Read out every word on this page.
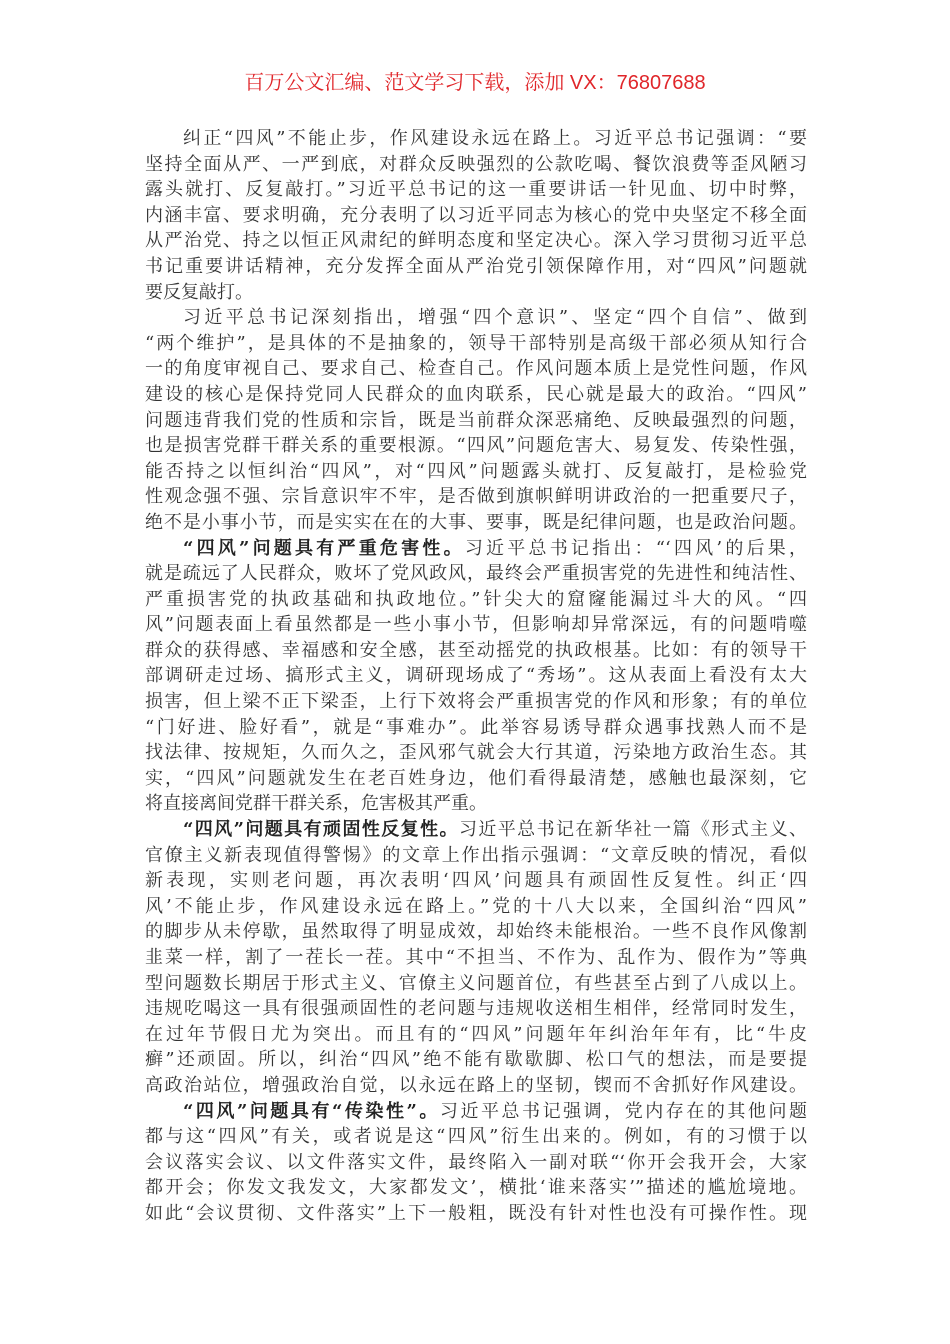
百万公文汇编、范文学习下载，添加 VX：76807688
纠正“四风”不能止步，作风建设永远在路上。习近平总书记强调：“要
坚持全面从严、一严到底，对群众反映强烈的公款吃喝、餐饮浪费等歪风陋习
露头就打、反复敲打。”习近平总书记的这一重要讲话一针见血、切中时弊，
内涵丰富、要求明确，充分表明了以习近平同志为核心的党中央坚定不移全面
从严治党、持之以恒正风肃纪的鲜明态度和坚定决心。深入学习贯彻习近平总
书记重要讲话精神，充分发挥全面从严治党引领保障作用，对“四风”问题就
要反复敲打。
习近平总书记深刻指出，增强“四个意识”、坚定“四个自信”、做到
“两个维护”，是具体的不是抽象的，领导干部特别是高级干部必须从知行合
一的角度审视自己、要求自己、检查自己。作风问题本质上是党性问题，作风
建设的核心是保持党同人民群众的血肉联系，民心就是最大的政治。“四风”
问题违背我们党的性质和宗旨，既是当前群众深恶痛绝、反映最强烈的问题，
也是损害党群干群关系的重要根源。“四风”问题危害大、易复发、传染性强，
能否持之以恒纠治“四风”，对“四风”问题露头就打、反复敲打，是检验党
性观念强不强、宗旨意识牢不牢，是否做到旗帜鲜明讲政治的一把重要尺子，
绝不是小事小节，而是实实在在的大事、要事，既是纪律问题，也是政治问题。
“四风”问题具有严重危害性。习近平总书记指出：“‘四风’的后果，
就是疏远了人民群众，败坏了党风政风，最终会严重损害党的先进性和纯洁性、
严重损害党的执政基础和执政地位。”针尖大的窟窿能漏过斗大的风。“四
风”问题表面上看虽然都是一些小事小节，但影响却异常深远，有的问题啃噬
群众的获得感、幸福感和安全感，甚至动摇党的执政根基。比如：有的领导干
部调研走过场、搞形式主义，调研现场成了“秀场”。这从表面上看没有太大
损害，但上梁不正下梁歪，上行下效将会严重损害党的作风和形象；有的单位
“门好进、脸好看”，就是“事难办”。此举容易诱导群众遇事找熟人而不是
找法律、按规矩，久而久之，歪风邪气就会大行其道，污染地方政治生态。其
实，“四风”问题就发生在老百姓身边，他们看得最清楚，感触也最深刻，它
将直接离间党群干群关系，危害极其严重。
“四风”问题具有顽固性反复性。习近平总书记在新华社一篇《形式主义、
官僚主义新表现值得警惕》的文章上作出指示强调：“文章反映的情况，看似
新表现，实则老问题，再次表明‘四风’问题具有顽固性反复性。纠正‘四
风’不能止步，作风建设永远在路上。”党的十八大以来，全国纠治“四风”
的脚步从未停歇，虽然取得了明显成效，却始终未能根治。一些不良作风像割
韭菜一样，割了一茬长一茬。其中“不担当、不作为、乱作为、假作为”等典
型问题数长期居于形式主义、官僚主义问题首位，有些甚至占到了八成以上。
违规吃喝这一具有很强顽固性的老问题与违规收送相生相伴，经常同时发生，
在过年节假日尤为突出。而且有的“四风”问题年年纠治年年有，比“牛皮
癣”还顽固。所以，纠治“四风”绝不能有歇歇脚、松口气的想法，而是要提
高政治站位，增强政治自觉，以永远在路上的坚韧，锲而不舍抓好作风建设。
“四风”问题具有“传染性”。习近平总书记强调，党内存在的其他问题
都与这“四风”有关，或者说是这“四风”衍生出来的。例如，有的习惯于以
会议落实会议、以文件落实文件，最终陷入一副对联“‘你开会我开会，大家
都开会；你发文我发文，大家都发文’，横批‘谁来落实’”描述的尴尬境地。
如此“会议贯彻、文件落实”上下一般粗，既没有针对性也没有可操作性。现
